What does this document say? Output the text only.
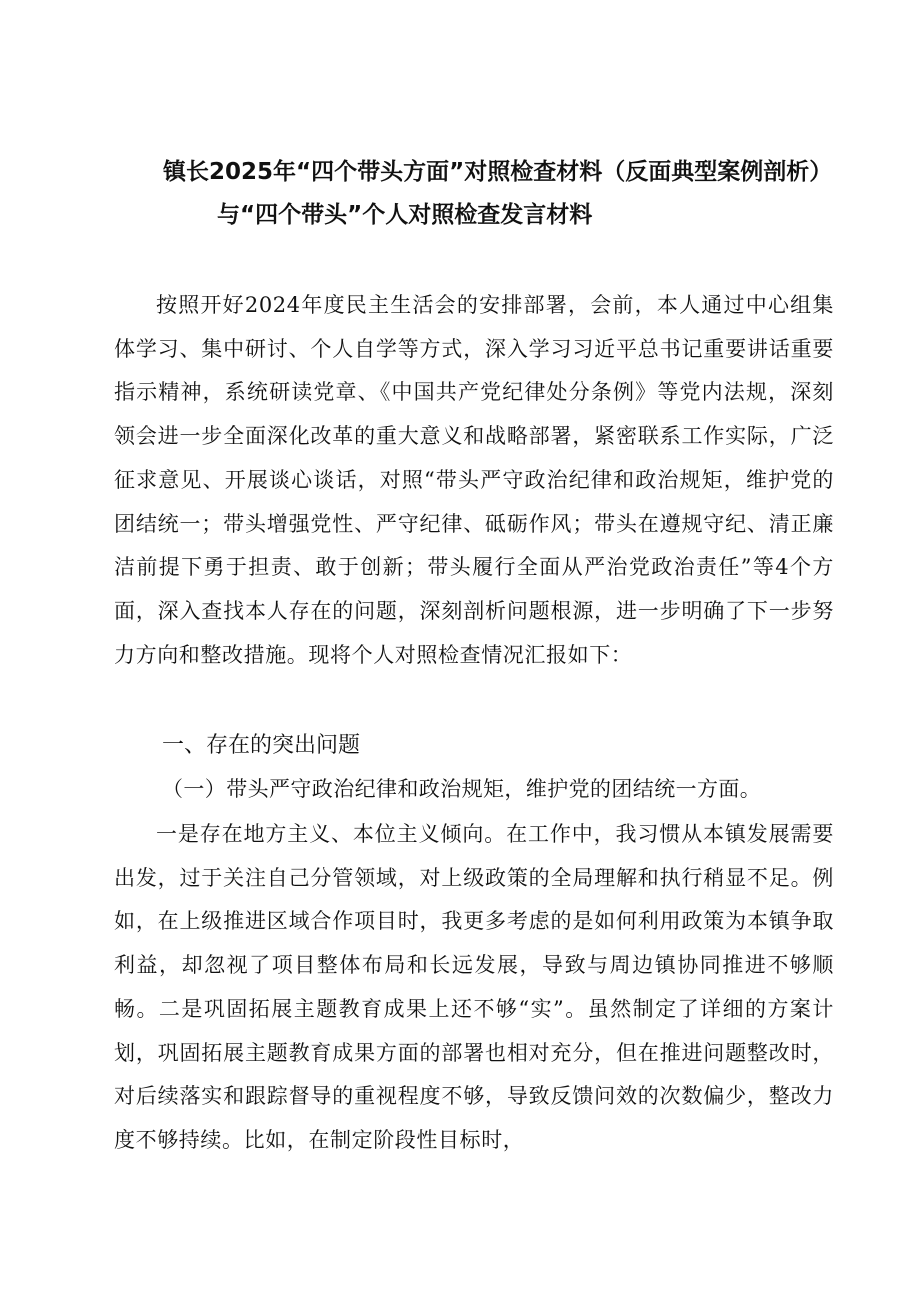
镇长2025年“四个带头方面”对照检查材料（反面典型案例剖析）
与“四个带头”个人对照检查发言材料

按照开好2024年度民主生活会的安排部署，会前，本人通过中心组集体学习、集中研讨、个人自学等方式，深入学习习近平总书记重要讲话重要指示精神，系统研读党章、《中国共产党纪律处分条例》等党内法规，深刻领会进一步全面深化改革的重大意义和战略部署，紧密联系工作实际，广泛征求意见、开展谈心谈话，对照“带头严守政治纪律和政治规矩，维护党的团结统一；带头增强党性、严守纪律、砥砺作风；带头在遵规守纪、清正廉洁前提下勇于担责、敢于创新；带头履行全面从严治党政治责任”等4个方面，深入查找本人存在的问题，深刻剖析问题根源，进一步明确了下一步努力方向和整改措施。现将个人对照检查情况汇报如下：

一、存在的突出问题

（一）带头严守政治纪律和政治规矩，维护党的团结统一方面。

一是存在地方主义、本位主义倾向。在工作中，我习惯从本镇发展需要出发，过于关注自己分管领域，对上级政策的全局理解和执行稍显不足。例如，在上级推进区域合作项目时，我更多考虑的是如何利用政策为本镇争取利益，却忽视了项目整体布局和长远发展，导致与周边镇协同推进不够顺畅。二是巩固拓展主题教育成果上还不够“实”。虽然制定了详细的方案计划，巩固拓展主题教育成果方面的部署也相对充分，但在推进问题整改时，对后续落实和跟踪督导的重视程度不够，导致反馈问效的次数偏少，整改力度不够持续。比如，在制定阶段性目标时，
